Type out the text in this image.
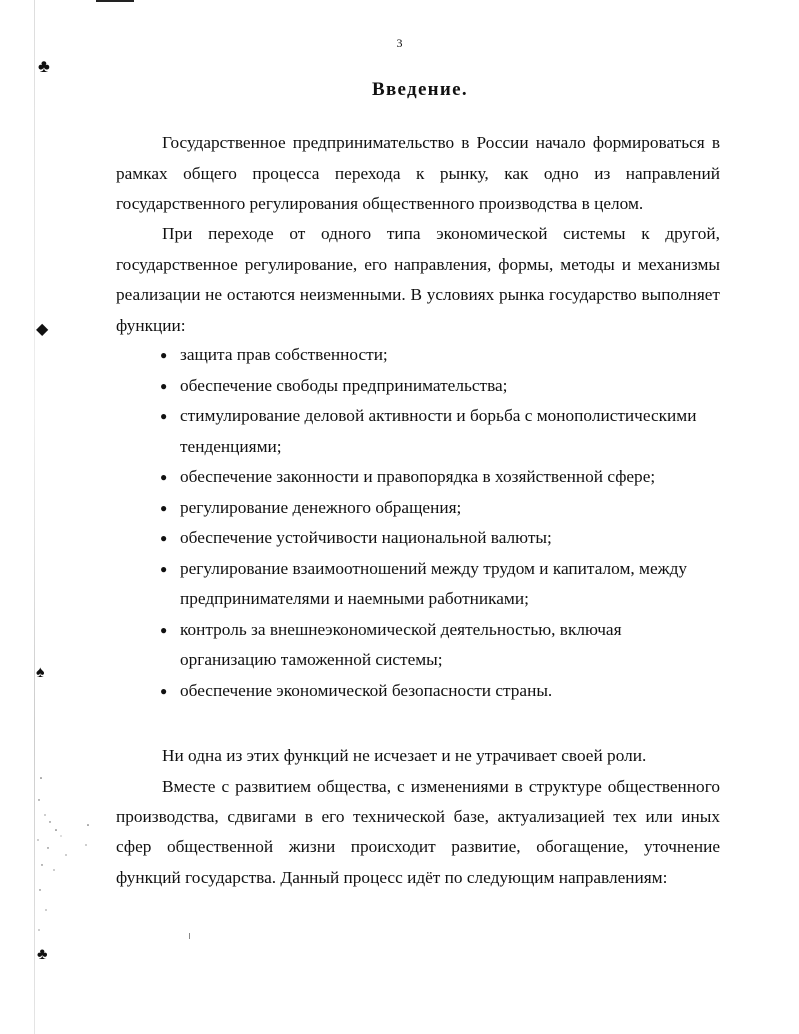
♣
◆
♠
♣
3
Введение.

Государственное предпринимательство в России начало формироваться в рамках общего процесса перехода к рынку, как одно из направлений государственного регулирования общественного производства в целом.

При переходе от одного типа экономической системы к другой, государственное регулирование, его направления, формы, методы и механизмы реализации не остаются неизменными. В условиях рынка государство выполняет функции:

● защита прав собственности;
● обеспечение свободы предпринимательства;
● стимулирование деловой активности и борьба с монополистическими тенденциями;
● обеспечение законности и правопорядка в хозяйственной сфере;
● регулирование денежного обращения;
● обеспечение устойчивости национальной валюты;
● регулирование взаимоотношений между трудом и капиталом, между предпринимателями и наемными работниками;
● контроль за внешнеэкономической деятельностью, включая организацию таможенной системы;
● обеспечение экономической безопасности страны.

Ни одна из этих функций не исчезает и не утрачивает своей роли.

Вместе с развитием общества, с изменениями в структуре общественного производства, сдвигами в его технической базе, актуализацией тех или иных сфер общественной жизни происходит развитие, обогащение, уточнение функций государства. Данный процесс идёт по следующим направлениям:
